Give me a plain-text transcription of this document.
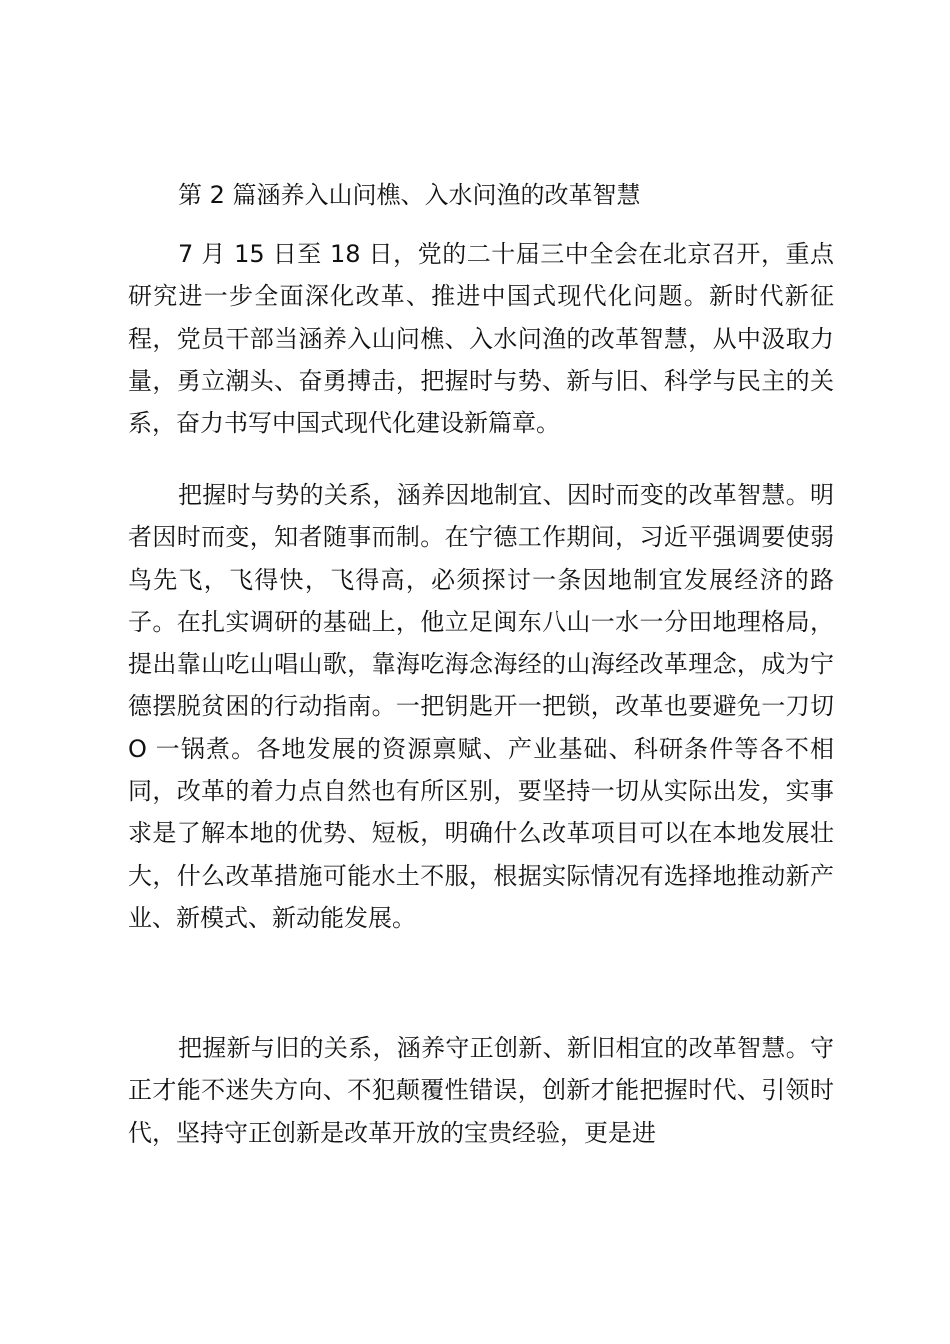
第 2 篇涵养入山问樵、入水问渔的改革智慧

7 月 15 日至 18 日，党的二十届三中全会在北京召开，重点研究进一步全面深化改革、推进中国式现代化问题。新时代新征程，党员干部当涵养入山问樵、入水问渔的改革智慧，从中汲取力量，勇立潮头、奋勇搏击，把握时与势、新与旧、科学与民主的关系，奋力书写中国式现代化建设新篇章。

把握时与势的关系，涵养因地制宜、因时而变的改革智慧。明者因时而变，知者随事而制。在宁德工作期间，习近平强调要使弱鸟先飞，飞得快，飞得高，必须探讨一条因地制宜发展经济的路子。在扎实调研的基础上，他立足闽东八山一水一分田地理格局，提出靠山吃山唱山歌，靠海吃海念海经的山海经改革理念，成为宁德摆脱贫困的行动指南。一把钥匙开一把锁，改革也要避免一刀切 O 一锅煮。各地发展的资源禀赋、产业基础、科研条件等各不相同，改革的着力点自然也有所区别，要坚持一切从实际出发，实事求是了解本地的优势、短板，明确什么改革项目可以在本地发展壮大，什么改革措施可能水土不服，根据实际情况有选择地推动新产业、新模式、新动能发展。

把握新与旧的关系，涵养守正创新、新旧相宜的改革智慧。守正才能不迷失方向、不犯颠覆性错误，创新才能把握时代、引领时代，坚持守正创新是改革开放的宝贵经验，更是进
